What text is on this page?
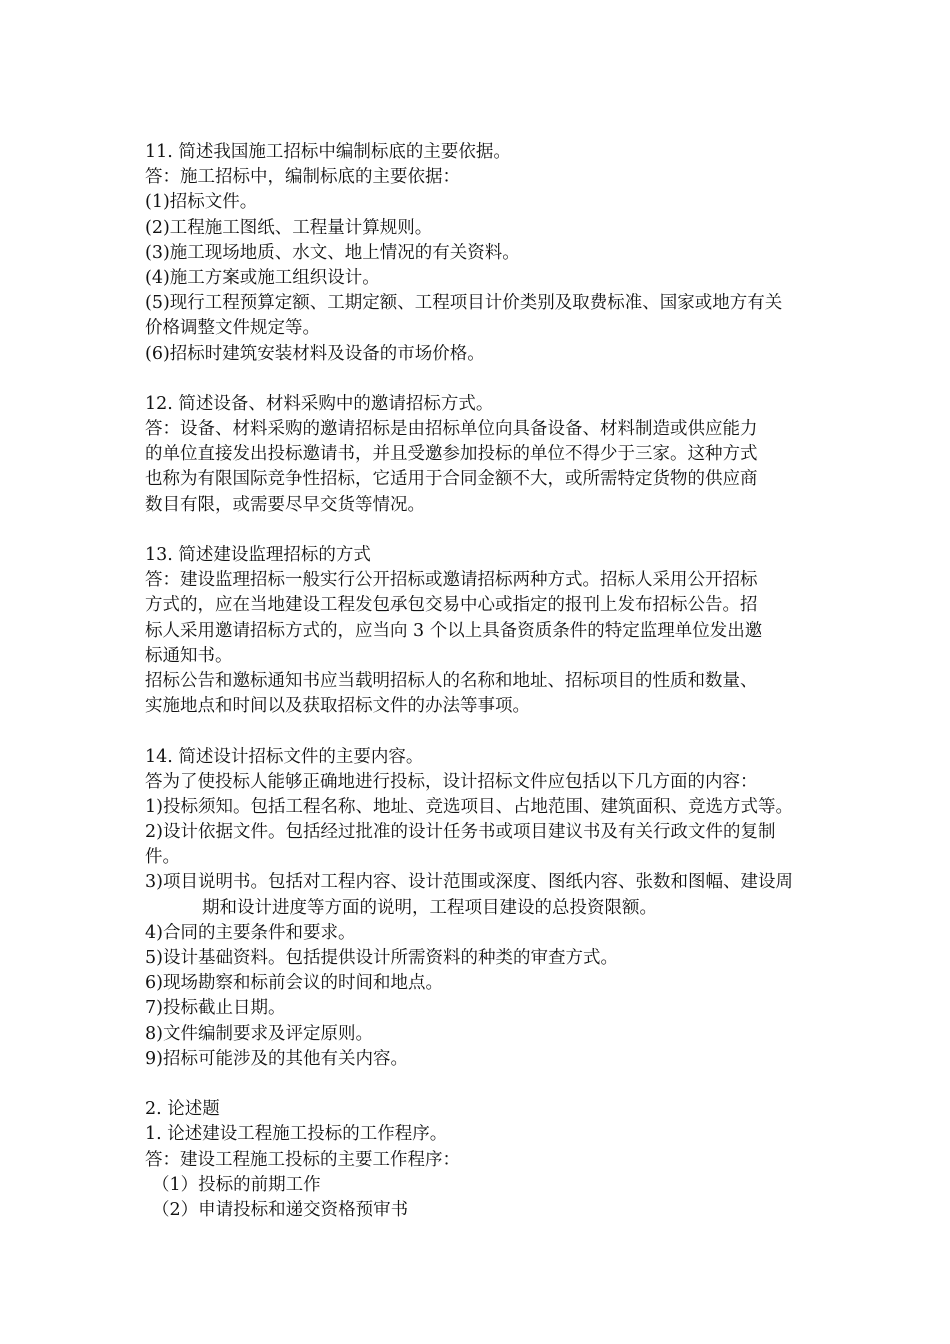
11. 简述我国施工招标中编制标底的主要依据。
答：施工招标中，编制标底的主要依据：
(1)招标文件。
(2)工程施工图纸、工程量计算规则。
(3)施工现场地质、水文、地上情况的有关资料。
(4)施工方案或施工组织设计。
(5)现行工程预算定额、工期定额、工程项目计价类别及取费标准、国家或地方有关
价格调整文件规定等。
(6)招标时建筑安装材料及设备的市场价格。
12. 简述设备、材料采购中的邀请招标方式。
答：设备、材料采购的邀请招标是由招标单位向具备设备、材料制造或供应能力
的单位直接发出投标邀请书，并且受邀参加投标的单位不得少于三家。这种方式
也称为有限国际竞争性招标，它适用于合同金额不大，或所需特定货物的供应商
数目有限，或需要尽早交货等情况。
13. 简述建设监理招标的方式
答：建设监理招标一般实行公开招标或邀请招标两种方式。招标人采用公开招标
方式的，应在当地建设工程发包承包交易中心或指定的报刊上发布招标公告。招
标人采用邀请招标方式的，应当向 3 个以上具备资质条件的特定监理单位发出邀
标通知书。
招标公告和邀标通知书应当载明招标人的名称和地址、招标项目的性质和数量、
实施地点和时间以及获取招标文件的办法等事项。
14. 简述设计招标文件的主要内容。
答为了使投标人能够正确地进行投标，设计招标文件应包括以下几方面的内容：
1)投标须知。包括工程名称、地址、竞选项目、占地范围、建筑面积、竞选方式等。
2)设计依据文件。包括经过批准的设计任务书或项目建议书及有关行政文件的复制
件。
3)项目说明书。包括对工程内容、设计范围或深度、图纸内容、张数和图幅、建设周
期和设计进度等方面的说明，工程项目建设的总投资限额。
4)合同的主要条件和要求。
5)设计基础资料。包括提供设计所需资料的种类的审查方式。
6)现场勘察和标前会议的时间和地点。
7)投标截止日期。
8)文件编制要求及评定原则。
9)招标可能涉及的其他有关内容。
2. 论述题
1. 论述建设工程施工投标的工作程序。
答：建设工程施工投标的主要工作程序：
（1）投标的前期工作
（2）申请投标和递交资格预审书
